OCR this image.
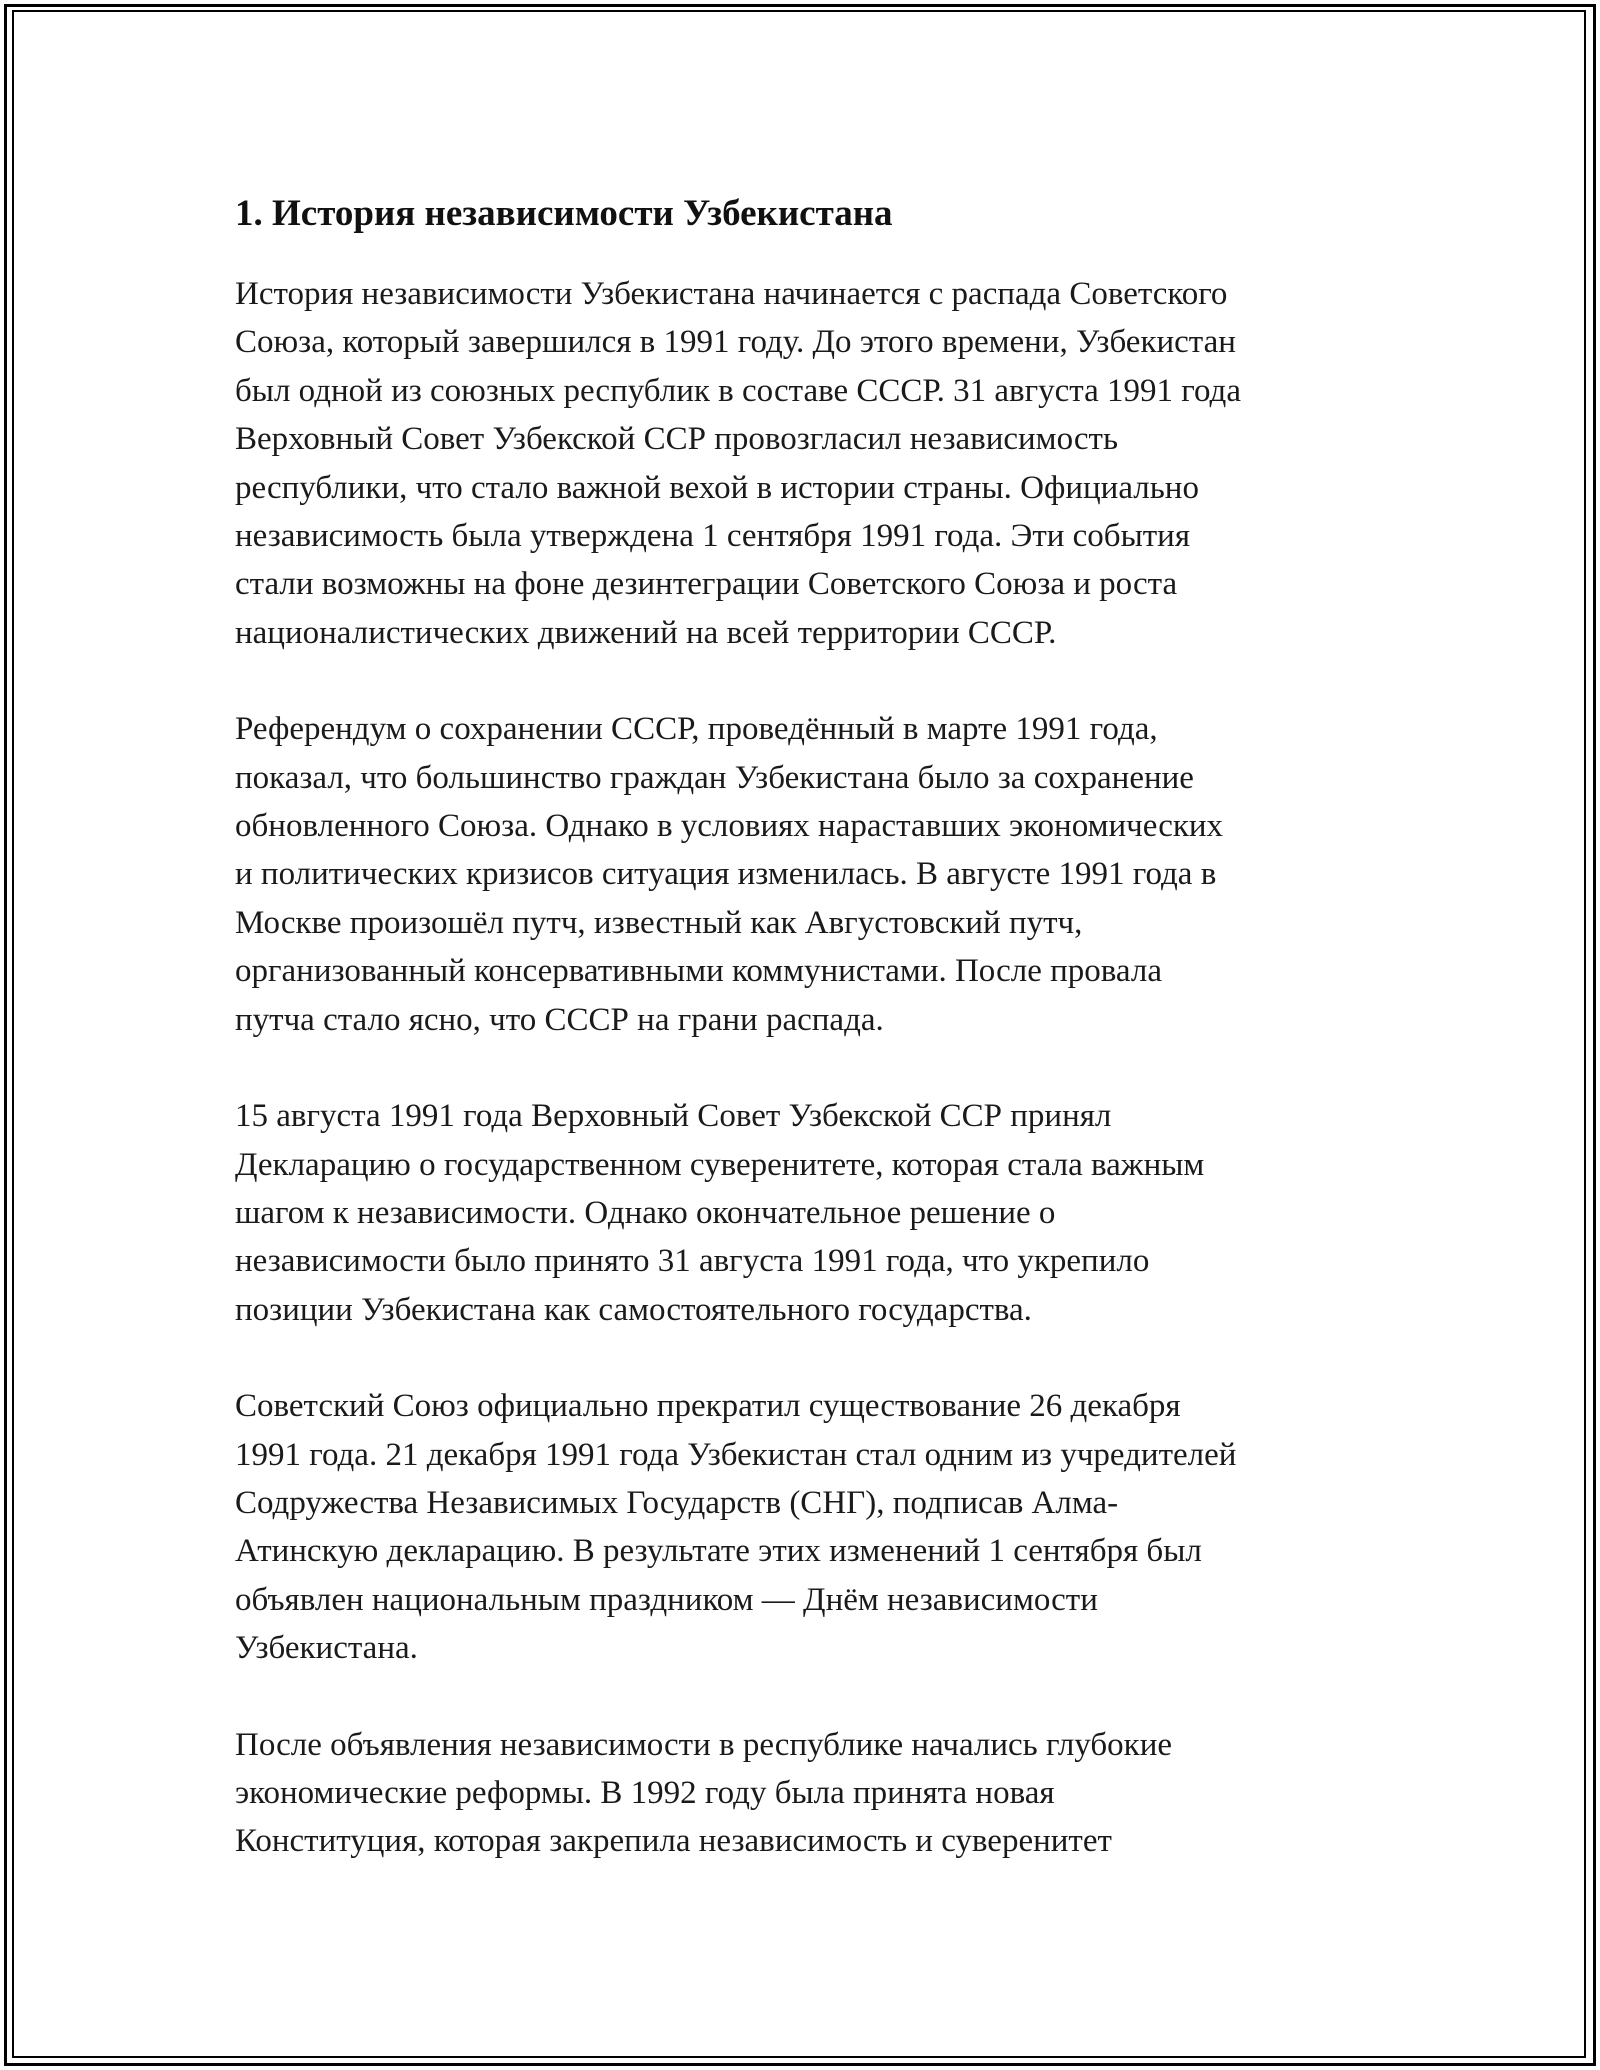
1. История независимости Узбекистана

История независимости Узбекистана начинается с распада Советского
Союза, который завершился в 1991 году. До этого времени, Узбекистан
был одной из союзных республик в составе СССР. 31 августа 1991 года
Верховный Совет Узбекской ССР провозгласил независимость
республики, что стало важной вехой в истории страны. Официально
независимость была утверждена 1 сентября 1991 года. Эти события
стали возможны на фоне дезинтеграции Советского Союза и роста
националистических движений на всей территории СССР.

Референдум о сохранении СССР, проведённый в марте 1991 года,
показал, что большинство граждан Узбекистана было за сохранение
обновленного Союза. Однако в условиях нараставших экономических
и политических кризисов ситуация изменилась. В августе 1991 года в
Москве произошёл путч, известный как Августовский путч,
организованный консервативными коммунистами. После провала
путча стало ясно, что СССР на грани распада.

15 августа 1991 года Верховный Совет Узбекской ССР принял
Декларацию о государственном суверенитете, которая стала важным
шагом к независимости. Однако окончательное решение о
независимости было принято 31 августа 1991 года, что укрепило
позиции Узбекистана как самостоятельного государства.

Советский Союз официально прекратил существование 26 декабря
1991 года. 21 декабря 1991 года Узбекистан стал одним из учредителей
Содружества Независимых Государств (СНГ), подписав Алма-
Атинскую декларацию. В результате этих изменений 1 сентября был
объявлен национальным праздником — Днём независимости
Узбекистана.

После объявления независимости в республике начались глубокие
экономические реформы. В 1992 году была принята новая
Конституция, которая закрепила независимость и суверенитет
